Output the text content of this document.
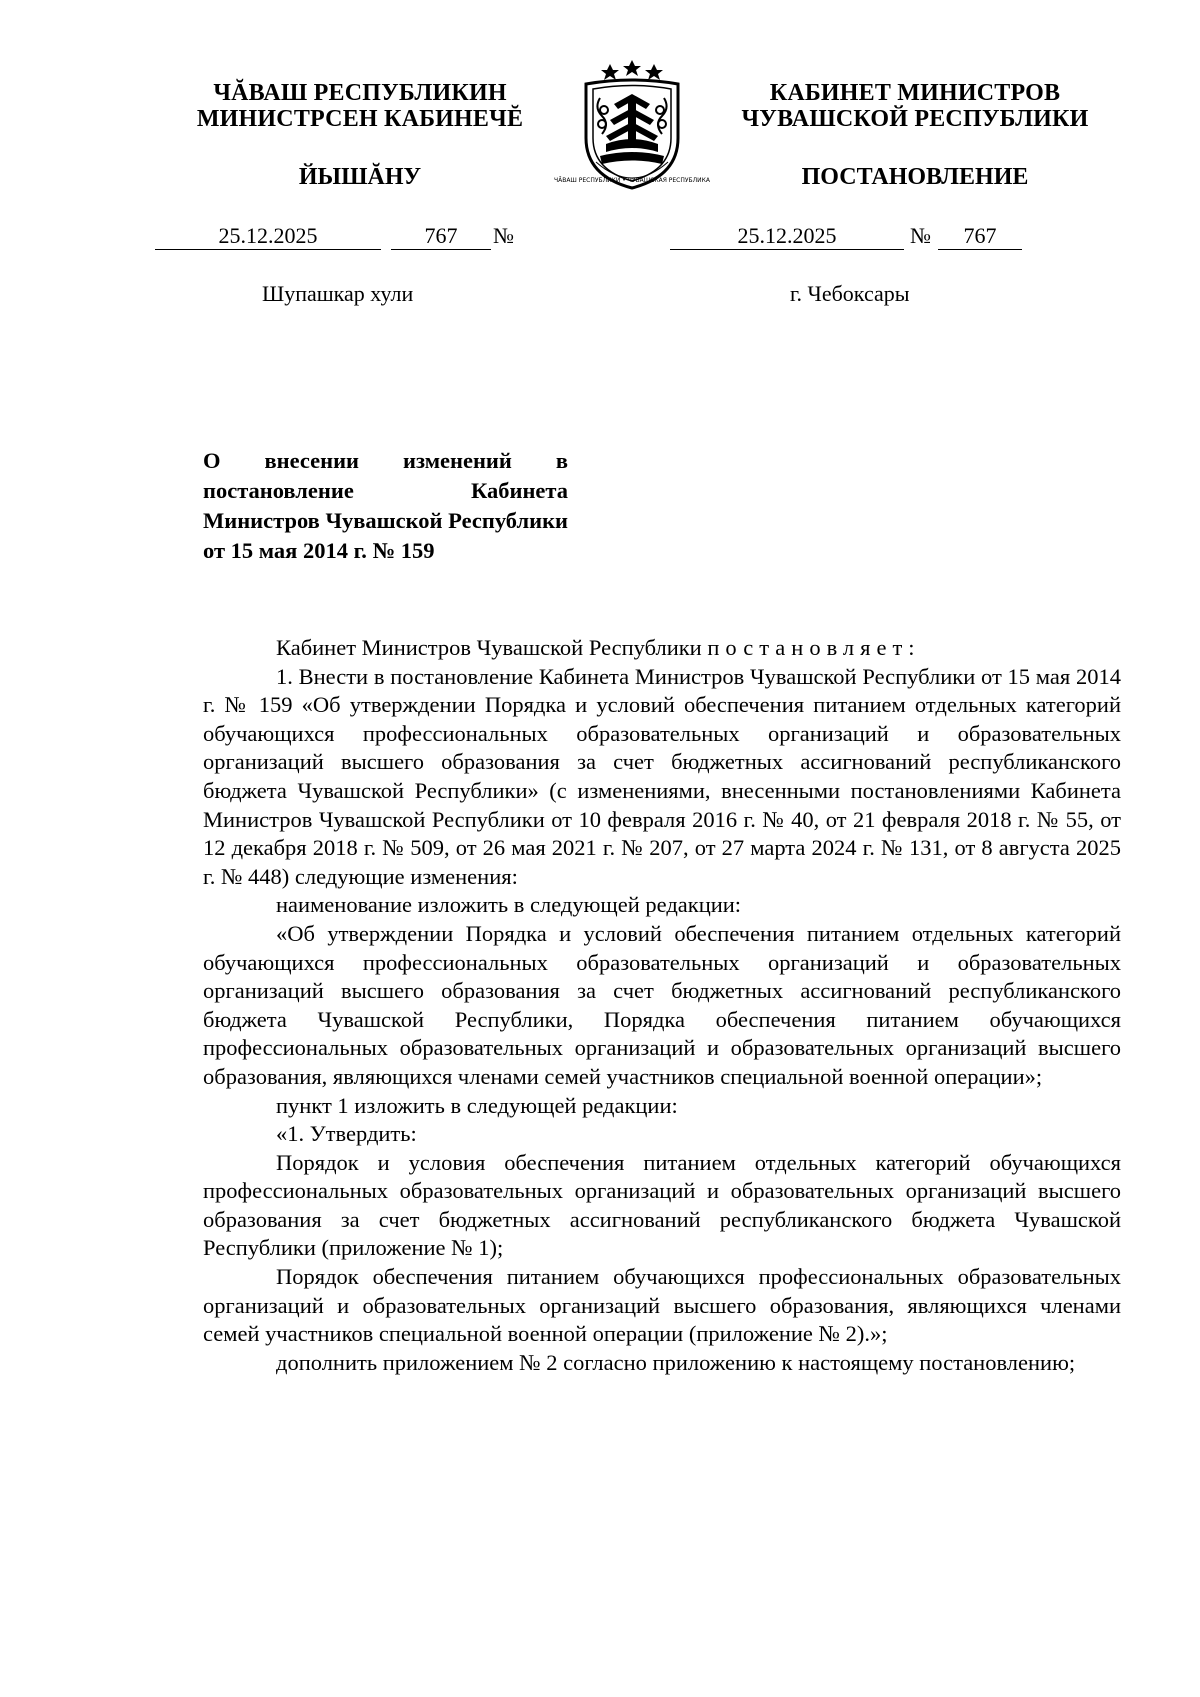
ЧĂВАШ РЕСПУБЛИКИН
МИНИСТРСЕН КАБИНЕЧĔ
КАБИНЕТ МИНИСТРОВ
ЧУВАШСКОЙ РЕСПУБЛИКИ
ЙЫШĂНУ	ПОСТАНОВЛЕНИЕ
ЧĂВАШ РЕСПУБЛИКИ • ЧУВАШСКАЯ РЕСПУБЛИКА
25.12.2025	767	№	25.12.2025	№	767
Шупашкар хули	г. Чебоксары
О внесении изменений в постановление Кабинета Министров Чувашской Республики от 15 мая 2014 г. № 159

Кабинет Министров Чувашской Республики постановляет:

1. Внести в постановление Кабинета Министров Чувашской Республики от 15 мая 2014 г. № 159 «Об утверждении Порядка и условий обеспечения питанием отдельных категорий обучающихся профессиональных образовательных организаций и образовательных организаций высшего образования за счет бюджетных ассигнований республиканского бюджета Чувашской Республики» (с изменениями, внесенными постановлениями Кабинета Министров Чувашской Республики от 10 февраля 2016 г. № 40, от 21 февраля 2018 г. № 55, от 12 декабря 2018 г. № 509, от 26 мая 2021 г. № 207, от 27 марта 2024 г. № 131, от 8 августа 2025 г. № 448) следующие изменения:

наименование изложить в следующей редакции:

«Об утверждении Порядка и условий обеспечения питанием отдельных категорий обучающихся профессиональных образовательных организаций и образовательных организаций высшего образования за счет бюджетных ассигнований республиканского бюджета Чувашской Республики, Порядка обеспечения питанием обучающихся профессиональных образовательных организаций и образовательных организаций высшего образования, являющихся членами семей участников специальной военной операции»;

пункт 1 изложить в следующей редакции:

«1. Утвердить:

Порядок и условия обеспечения питанием отдельных категорий обучающихся профессиональных образовательных организаций и образовательных организаций высшего образования за счет бюджетных ассигнований республиканского бюджета Чувашской Республики (приложение № 1);

Порядок обеспечения питанием обучающихся профессиональных образовательных организаций и образовательных организаций высшего образования, являющихся членами семей участников специальной военной операции (приложение № 2).»;

дополнить приложением № 2 согласно приложению к настоящему постановлению;
